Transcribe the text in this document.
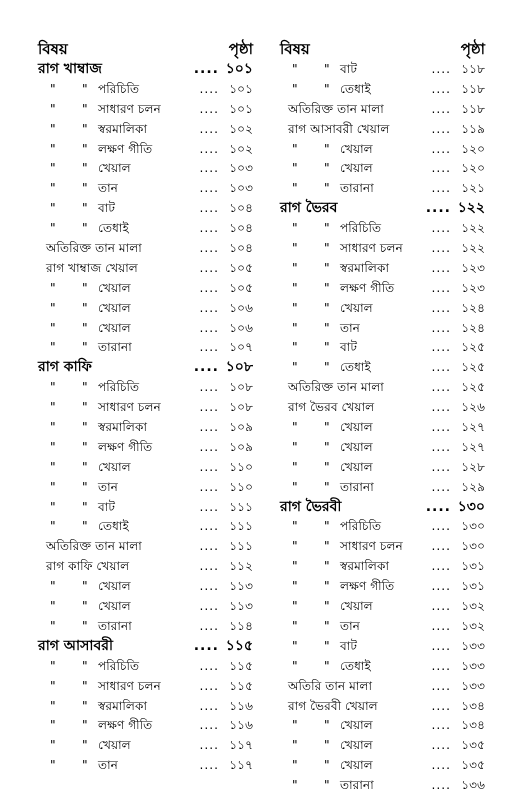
বিষয়	পৃষ্ঠা
রাগ খাম্বাজ	.... ১০১
" " পরিচিতি	.... ১০১
" " সাধারণ চলন	.... ১০১
" " স্বরমালিকা	.... ১০২
" " লক্ষণ গীতি	.... ১০২
" " খেয়াল	.... ১০৩
" " তান	.... ১০৩
" " বাট	.... ১০৪
" " তেধাই	.... ১০৪
অতিরিক্ত তান মালা	.... ১০৪
রাগ খাম্বাজ খেয়াল	.... ১০৫
" " খেয়াল	.... ১০৫
" " খেয়াল	.... ১০৬
" " খেয়াল	.... ১০৬
" " তারানা	.... ১০৭
রাগ কাফি	.... ১০৮
" " পরিচিতি	.... ১০৮
" " সাধারণ চলন	.... ১০৮
" " স্বরমালিকা	.... ১০৯
" " লক্ষণ গীতি	.... ১০৯
" " খেয়াল	.... ১১০
" " তান	.... ১১০
" " বাট	.... ১১১
" " তেধাই	.... ১১১
অতিরিক্ত তান মালা	.... ১১১
রাগ কাফি খেয়াল	.... ১১২
" " খেয়াল	.... ১১৩
" " খেয়াল	.... ১১৩
" " তারানা	.... ১১৪
রাগ আসাবরী	.... ১১৫
" " পরিচিতি	.... ১১৫
" " সাধারণ চলন	.... ১১৫
" " স্বরমালিকা	.... ১১৬
" " লক্ষণ গীতি	.... ১১৬
" " খেয়াল	.... ১১৭
" " তান	.... ১১৭
বিষয়	পৃষ্ঠা
" " বাট	.... ১১৮
" " তেধাই	.... ১১৮
অতিরিক্ত তান মালা	.... ১১৮
রাগ আসাবরী খেয়াল	.... ১১৯
" " খেয়াল	.... ১২০
" " খেয়াল	.... ১২০
" " তারানা	.... ১২১
রাগ ভৈরব	.... ১২২
" " পরিচিতি	.... ১২২
" " সাধারণ চলন .... ১২২
" " স্বরমালিকা	.... ১২৩
" " লক্ষণ গীতি	.... ১২৩
" " খেয়াল	.... ১২৪
" " তান	.... ১২৪
" " বাট	.... ১২৫
" " তেধাই	.... ১২৫
অতিরিক্ত তান মালা	.... ১২৫
রাগ ভৈরব খেয়াল	.... ১২৬
" " খেয়াল	.... ১২৭
" " খেয়াল	.... ১২৭
" " খেয়াল	.... ১২৮
" " তারানা	.... ১২৯
রাগ ভৈরবী	.... ১৩০
" " পরিচিতি	.... ১৩০
" " সাধারণ চলন .... ১৩০
" " স্বরমালিকা	.... ১৩১
" " লক্ষণ গীতি	.... ১৩১
" " খেয়াল	.... ১৩২
" " তান	.... ১৩২
" " বাট	.... ১৩৩
" " তেধাই	.... ১৩৩
অতিরি তান মালা	.... ১৩৩
রাগ ভৈরবী খেয়াল	.... ১৩৪
" " খেয়াল	.... ১৩৪
" " খেয়াল	.... ১৩৫
" " খেয়াল	.... ১৩৫
" " তারানা	.... ১৩৬
